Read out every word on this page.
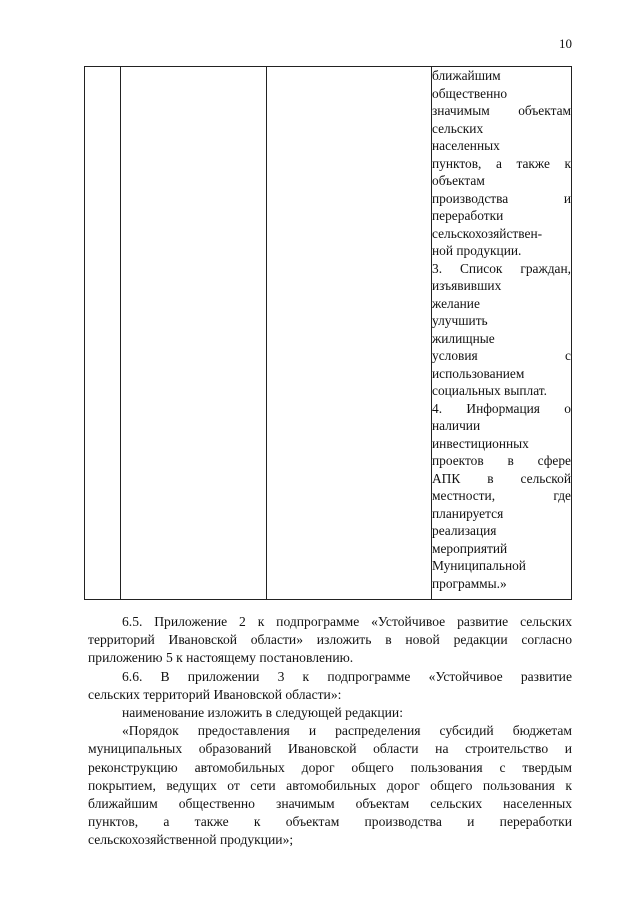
10

ближайшим
общественно
значимым объектам
сельских
населенных
пунктов, а также к
объектам
производства и
переработки
сельскохозяйствен-
ной продукции.
3. Список граждан,
изъявивших
желание
улучшить
жилищные
условия с
использованием
социальных выплат.
4. Информация о
наличии
инвестиционных
проектов в сфере
АПК в сельской
местности, где
планируется
реализация
мероприятий
Муниципальной
программы.»
6.5. Приложение 2 к подпрограмме «Устойчивое развитие сельских
территорий Ивановской области» изложить в новой редакции согласно
приложению 5 к настоящему постановлению.
6.6. В приложении 3 к подпрограмме «Устойчивое развитие
сельских территорий Ивановской области»:
наименование изложить в следующей редакции:
«Порядок предоставления и распределения субсидий бюджетам
муниципальных образований Ивановской области на строительство и
реконструкцию автомобильных дорог общего пользования с твердым
покрытием, ведущих от сети автомобильных дорог общего пользования к
ближайшим общественно значимым объектам сельских населенных
пунктов, а также к объектам производства и переработки
сельскохозяйственной продукции»;
